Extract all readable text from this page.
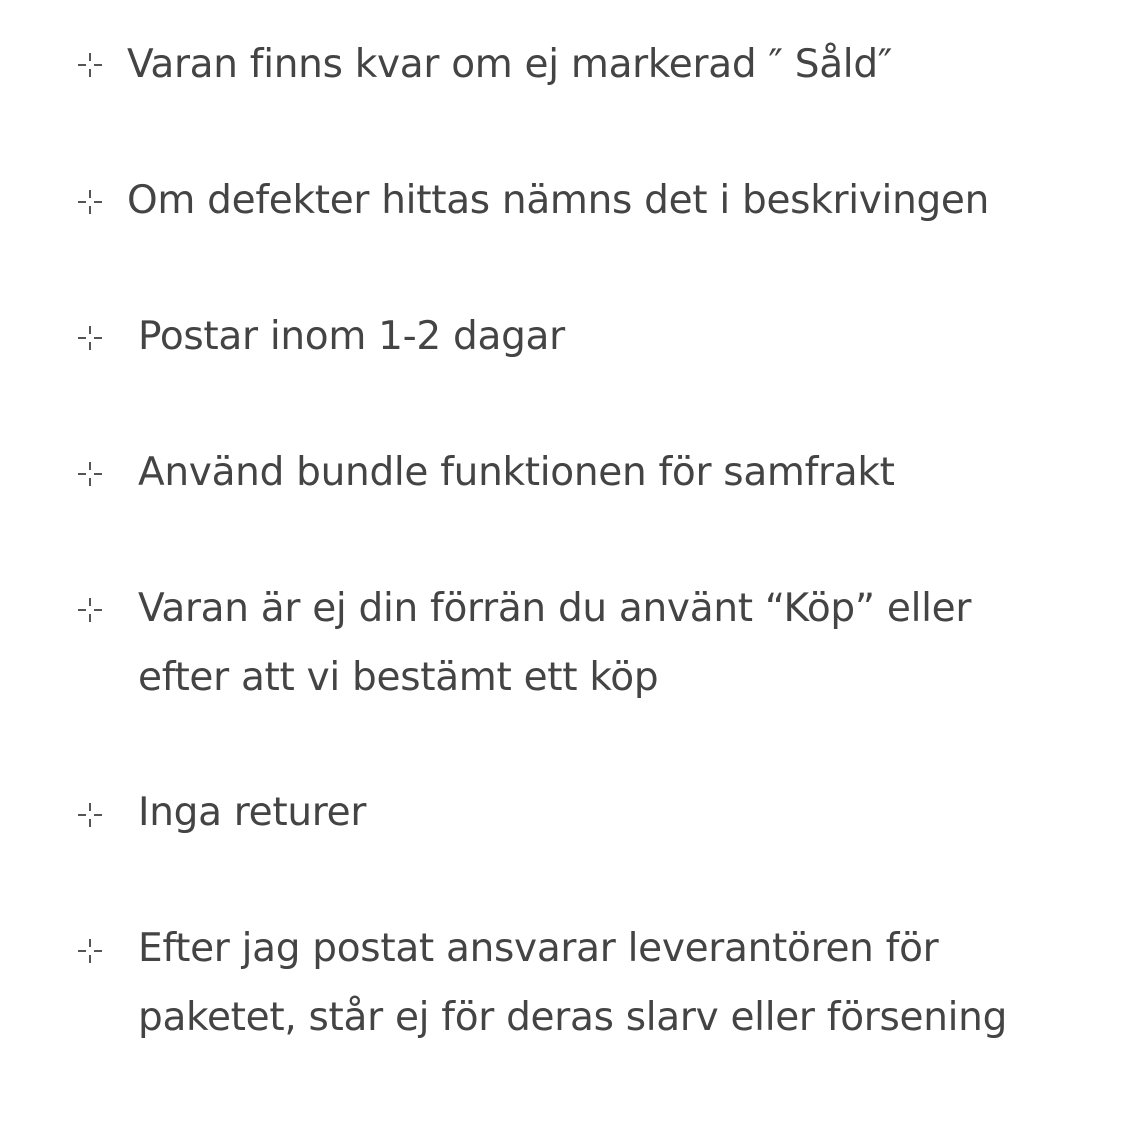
Varan finns kvar om ej markerad ″ Såld″
Om defekter hittas nämns det i beskrivingen
Postar inom 1-2 dagar
Använd bundle funktionen för samfrakt
Varan är ej din förrän du använt “Köp” eller
efter att vi bestämt ett köp
Inga returer
Efter jag postat ansvarar leverantören för
paketet, står ej för deras slarv eller försening
